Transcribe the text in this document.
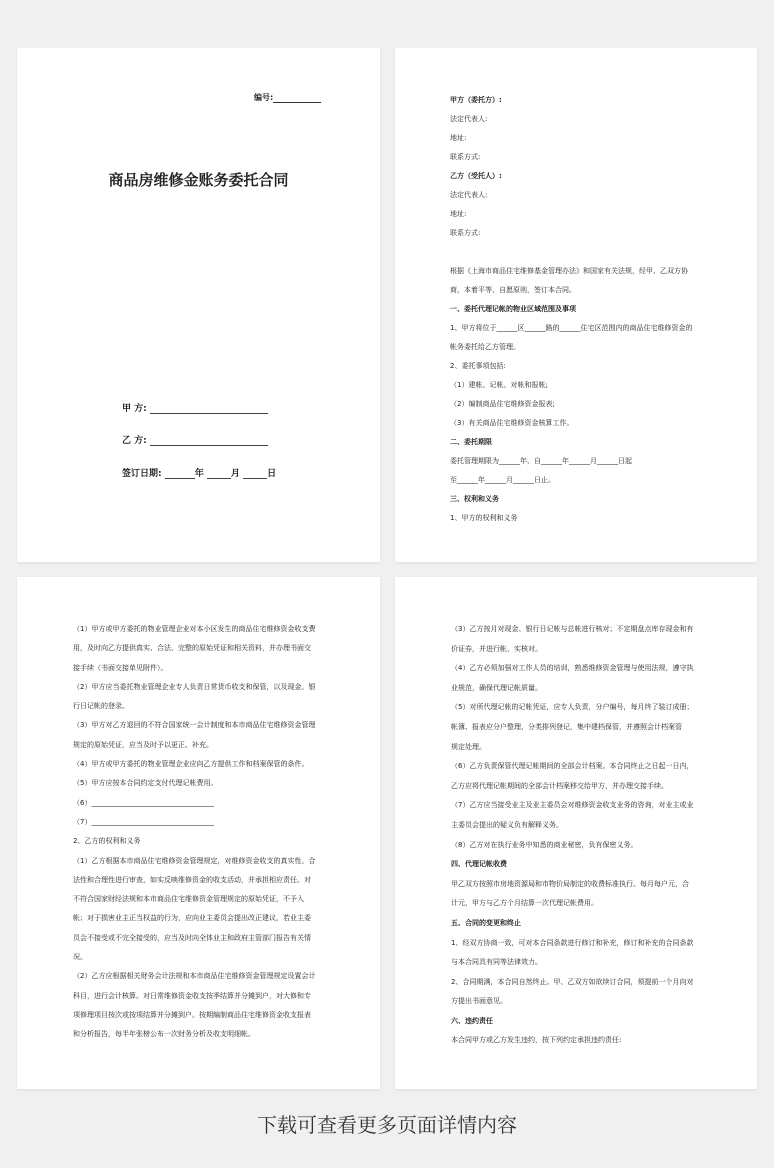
编号:
商品房维修金账务委托合同
甲 方:
乙 方:
签订日期:	年	月	日
甲方（委托方）:
法定代表人:
地址:
联系方式:
乙方（受托人）:
法定代表人:
地址:
联系方式:
根据《上海市商品住宅维修基金管理办法》和国家有关法规，经甲、乙双方协
商，本着平等、自愿原则，签订本合同。
一、委托代理记帐的物业区域范围及事项
1、甲方将位于______区______路的______住宅区范围内的商品住宅维修资金的
帐务委托给乙方管理。
2、委托事项包括:
（1）建帐、记帐、对帐和报帐;
（2）编制商品住宅维修资金报表;
（3）有关商品住宅维修资金核算工作。
二、委托期限
委托管理期限为______年，自______年______月______日起
至______年______月______日止。
三、权利和义务
1、甲方的权利和义务
（1）甲方或甲方委托的物业管理企业对本小区发生的商品住宅维修资金收支费
用，及时向乙方提供真实、合法、完整的原始凭证和相关资料，并办理书面交
接手续（书面交接单见附件）。
（2）甲方应当委托物业管理企业专人负责日常货币收支和保管，以及现金、银
行日记帐的登录。
（3）甲方对乙方退回的不符合国家统一会计制度和本市商品住宅维修资金管理
规定的原始凭证，应当及时予以更正、补充。
（4）甲方或甲方委托的物业管理企业应向乙方提供工作和档案保管的条件。
（5）甲方应按本合同约定支付代理记帐费用。
（6）___________________________________
（7）___________________________________
2、乙方的权利和义务
（1）乙方根据本市商品住宅维修资金管理规定，对维修资金收支的真实性、合
法性和合理性进行审查，如实反映维修资金的收支活动，并承担相应责任。对
不符合国家财经法规和本市商品住宅维修资金管理规定的原始凭证，不予入
帐；对于损害业主正当权益的行为，应向业主委员会提出改正建议，若业主委
员会不接受或不完全接受的，应当及时向全体业主和政府主管部门报告有关情
况。
（2）乙方应根据相关财务会计法规和本市商品住宅维修资金管理规定设置会计
科目，进行会计核算。对日常维修资金收支按季结算并分摊到户，对大修和专
项修理项目按次或按项结算并分摊到户。按期编制商品住宅维修资金收支报表
和分析报告，每半年张榜公布一次财务分析及收支明细帐。
（3）乙方按月对现金、银行日记帐与总帐进行核对；不定期盘点库存现金和有
价证券，并进行帐、实核对。
（4）乙方必须加强对工作人员的培训，熟悉维修资金管理与使用法规，遵守执
业规范，确保代理记帐质量。
（5）对所代理记帐的记帐凭证，应专人负责，分户编号，每月终了装订成册；
帐簿、报表应分户整理、分类排列登记，集中建档保管，并遵照会计档案管
规定处理。
（6）乙方负责保管代理记帐期间的全部会计档案。本合同终止之日起一日内，
乙方应将代理记帐期间的全部会计档案移交给甲方，并办理交接手续。
（7）乙方应当接受业主及业主委员会对维修资金收支业务的咨询，对业主或业
主委员会提出的疑义负有解释义务。
（8）乙方对在执行业务中知悉的商业秘密，负有保密义务。
四、代理记帐收费
甲乙双方按照市房地资源局和市物价局制定的收费标准执行。每月每户元，合
计元，甲方与乙方个月结算一次代理记帐费用。
五、合同的变更和终止
1、经双方协商一致，可对本合同条款进行修订和补充，修订和补充的合同条款
与本合同具有同等法律效力。
2、合同期满，本合同自然终止。甲、乙双方如欲续订合同，须提前一个月向对
方提出书面意见。
六、违约责任
本合同甲方或乙方发生违约，按下列约定承担违约责任:
下载可查看更多页面详情内容
